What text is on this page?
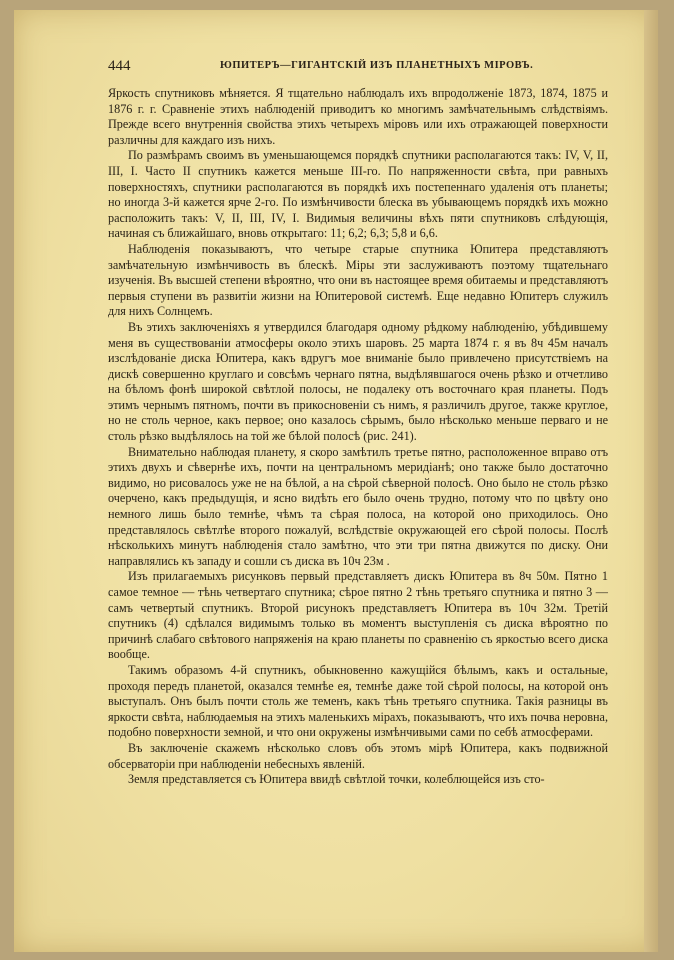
444	ЮПИТЕРЪ—ГИГАНТСКІЙ ИЗЪ ПЛАНЕТНЫХЪ МІРОВЪ.

Яркость спутниковъ мѣняется. Я тщательно наблюдалъ ихъ впродолженіе 1873, 1874, 1875 и 1876 г. г. Сравненіе этихъ наблюденій приводитъ ко многимъ замѣчательнымъ слѣдствіямъ. Прежде всего внутреннія свойства этихъ четырехъ міровъ или ихъ отражающей поверхности различны для каждаго изъ нихъ.

По размѣрамъ своимъ въ уменьшающемся порядкѣ спутники располагаются такъ: IV, V, II, III, I. Часто II спутникъ кажется меньше III-го. По напряженности свѣта, при равныхъ поверхностяхъ, спутники располагаются въ порядкѣ ихъ постепеннаго удаленія отъ планеты; но иногда 3-й кажется ярче 2-го. По измѣнчивости блеска въ убывающемъ порядкѣ ихъ можно расположить такъ: V, II, III, IV, I. Видимыя величины вѣхъ пяти спутниковъ слѣдующія, начиная съ ближайшаго, вновь открытаго: 11; 6,2; 6,3; 5,8 и 6,6.

Наблюденія показываютъ, что четыре старые спутника Юпитера представляютъ замѣчательную измѣнчивость въ блескѣ. Міры эти заслуживаютъ поэтому тщательнаго изученія. Въ высшей степени вѣроятно, что они въ настоящее время обитаемы и представляютъ первыя ступени въ развитіи жизни на Юпитеровой системѣ. Еще недавно Юпитеръ служилъ для нихъ Солнцемъ.

Въ этихъ заключеніяхъ я утвердился благодаря одному рѣдкому наблюденію, убѣдившему меня въ существованіи атмосферы около этихъ шаровъ. 25 марта 1874 г. я въ 8ч 45м началъ изслѣдованіе диска Юпитера, какъ вдругъ мое вниманіе было привлечено присутствіемъ на дискѣ совершенно круглаго и совсѣмъ чернаго пятна, выдѣлявшагося очень рѣзко и отчетливо на бѣломъ фонѣ широкой свѣтлой полосы, не подалеку отъ восточнаго края планеты. Подъ этимъ чернымъ пятномъ, почти въ прикосновеніи съ нимъ, я различилъ другое, также круглое, но не столь черное, какъ первое; оно казалось сѣрымъ, было нѣсколько меньше перваго и не столь рѣзко выдѣлялось на той же бѣлой полосѣ (рис. 241).

Внимательно наблюдая планету, я скоро замѣтилъ третье пятно, расположенное вправо отъ этихъ двухъ и сѣвернѣе ихъ, почти на центральномъ меридіанѣ; оно также было достаточно видимо, но рисовалось уже не на бѣлой, а на сѣрой сѣверной полосѣ. Оно было не столь рѣзко очерчено, какъ предыдущія, и ясно видѣть его было очень трудно, потому что по цвѣту оно немного лишь было темнѣе, чѣмъ та сѣрая полоса, на которой оно приходилось. Оно представлялось свѣтлѣе второго пожалуй, вслѣдствіе окружающей его сѣрой полосы. Послѣ нѣсколькихъ минутъ наблюденія стало замѣтно, что эти три пятна движутся по диску. Они направлялись къ западу и сошли съ диска въ 10ч 23м .

Изъ прилагаемыхъ рисунковъ первый представляетъ дискъ Юпитера въ 8ч 50м. Пятно 1 самое темное — тѣнь четвертаго спутника; сѣрое пятно 2 тѣнь третьяго спутника и пятно 3 — самъ четвертый спутникъ. Второй рисунокъ представляетъ Юпитера въ 10ч 32м. Третій спутникъ (4) сдѣлался видимымъ только въ моментъ выступленія съ диска вѣроятно по причинѣ слабаго свѣтового напряженія на краю планеты по сравненію съ яркостью всего диска вообще.

Такимъ образомъ 4-й спутникъ, обыкновенно кажущійся бѣлымъ, какъ и остальные, проходя передъ планетой, оказался темнѣе ея, темнѣе даже той сѣрой полосы, на которой онъ выступалъ. Онъ былъ почти столь же теменъ, какъ тѣнь третьяго спутника. Такія разницы въ яркости свѣта, наблюдаемыя на этихъ маленькихъ мірахъ, показываютъ, что ихъ почва неровна, подобно поверхности земной, и что они окружены измѣнчивыми сами по себѣ атмосферами.

Въ заключеніе скажемъ нѣсколько словъ объ этомъ мірѣ Юпитера, какъ подвижной обсерваторіи при наблюденіи небесныхъ явленій.

Земля представляется съ Юпитера ввидѣ свѣтлой точки, колеблющейся изъ сто-
